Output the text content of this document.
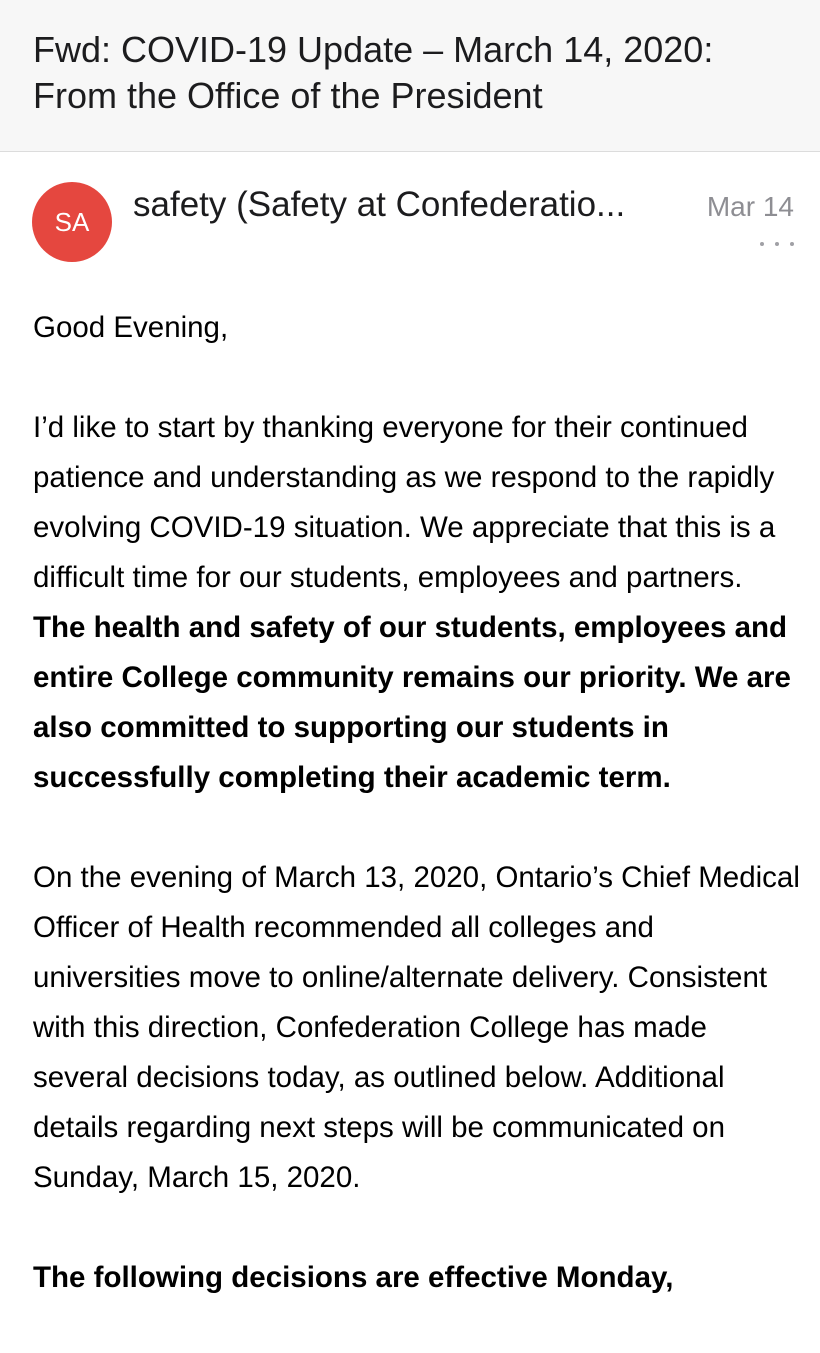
Fwd: COVID-19 Update – March 14, 2020: From the Office of the President
SA	safety (Safety at Confederatio...	Mar 14

Good Evening,

I’d like to start by thanking everyone for their continued patience and understanding as we respond to the rapidly evolving COVID-19 situation. We appreciate that this is a difficult time for our students, employees and partners. The health and safety of our students, employees and entire College community remains our priority. We are also committed to supporting our students in successfully completing their academic term.

On the evening of March 13, 2020, Ontario’s Chief Medical Officer of Health recommended all colleges and universities move to online/alternate delivery. Consistent with this direction, Confederation College has made several decisions today, as outlined below. Additional details regarding next steps will be communicated on Sunday, March 15, 2020.

The following decisions are effective Monday,
